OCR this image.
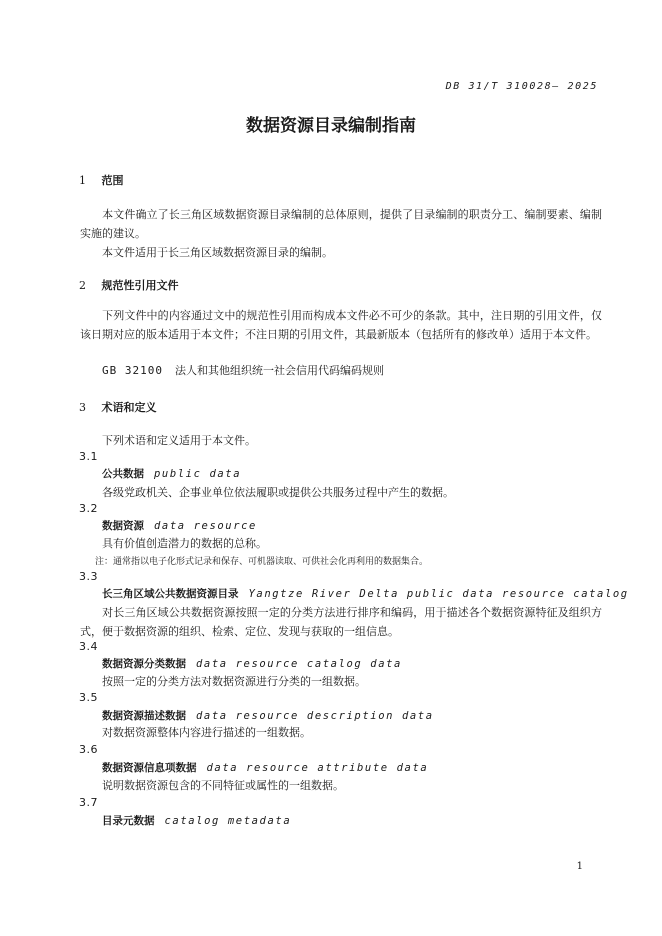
DB 31/T 310028— 2025
数据资源目录编制指南
1 范围
本文件确立了长三角区域数据资源目录编制的总体原则，提供了目录编制的职责分工、编制要素、编制实施的建议。
本文件适用于长三角区域数据资源目录的编制。
2 规范性引用文件
下列文件中的内容通过文中的规范性引用而构成本文件必不可少的条款。其中，注日期的引用文件，仅该日期对应的版本适用于本文件；不注日期的引用文件，其最新版本（包括所有的修改单）适用于本文件。
GB 32100 法人和其他组织统一社会信用代码编码规则
3 术语和定义
下列术语和定义适用于本文件。
3.1
公共数据 public data
各级党政机关、企事业单位依法履职或提供公共服务过程中产生的数据。
3.2
数据资源 data resource
具有价值创造潜力的数据的总称。
注：通常指以电子化形式记录和保存、可机器读取、可供社会化再利用的数据集合。
3.3
长三角区域公共数据资源目录 Yangtze River Delta public data resource catalog
对长三角区域公共数据资源按照一定的分类方法进行排序和编码，用于描述各个数据资源特征及组织方式，便于数据资源的组织、检索、定位、发现与获取的一组信息。
3.4
数据资源分类数据 data resource catalog data
按照一定的分类方法对数据资源进行分类的一组数据。
3.5
数据资源描述数据 data resource description data
对数据资源整体内容进行描述的一组数据。
3.6
数据资源信息项数据 data resource attribute data
说明数据资源包含的不同特征或属性的一组数据。
3.7
目录元数据 catalog metadata
1
